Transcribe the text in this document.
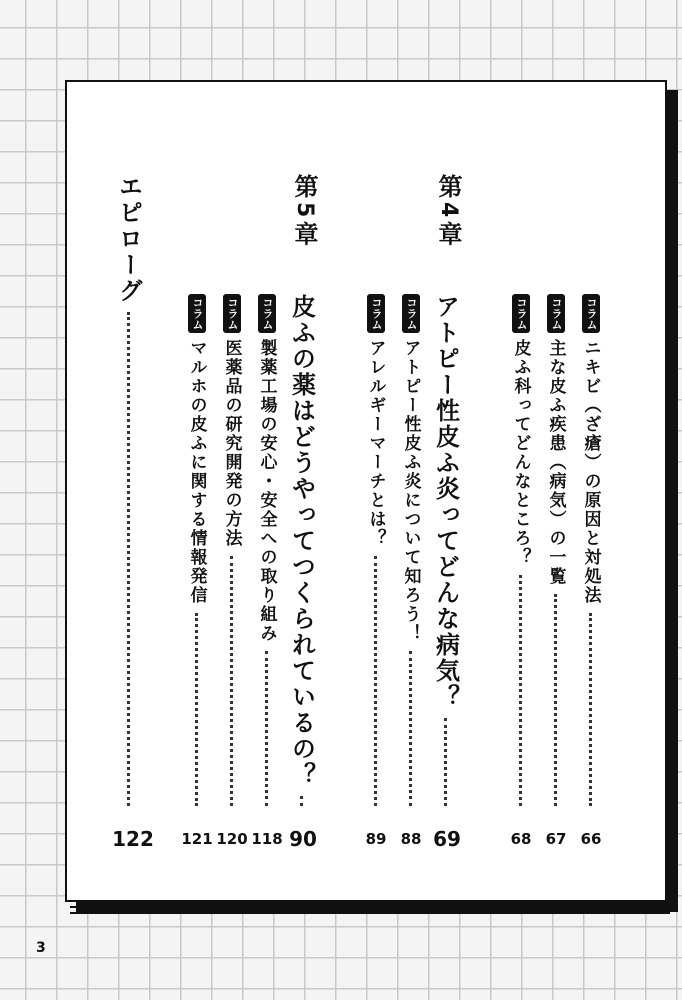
コラム
ニキビ（ざ瘡）の原因と対処法
66
コラム
主な皮ふ疾患（病気）の一覧
67
コラム
皮ふ科ってどんなところ？
68
第4章
アトピー性皮ふ炎ってどんな病気？
69
コラム
アトピー性皮ふ炎について知ろう！
88
コラム
アレルギーマーチとは？
89
第5章
皮ふの薬はどうやってつくられているの？
90
コラム
製薬工場の安心・安全への取り組み
118
コラム
医薬品の研究開発の方法
120
コラム
マルホの皮ふに関する情報発信
121
エピローグ
122
3
